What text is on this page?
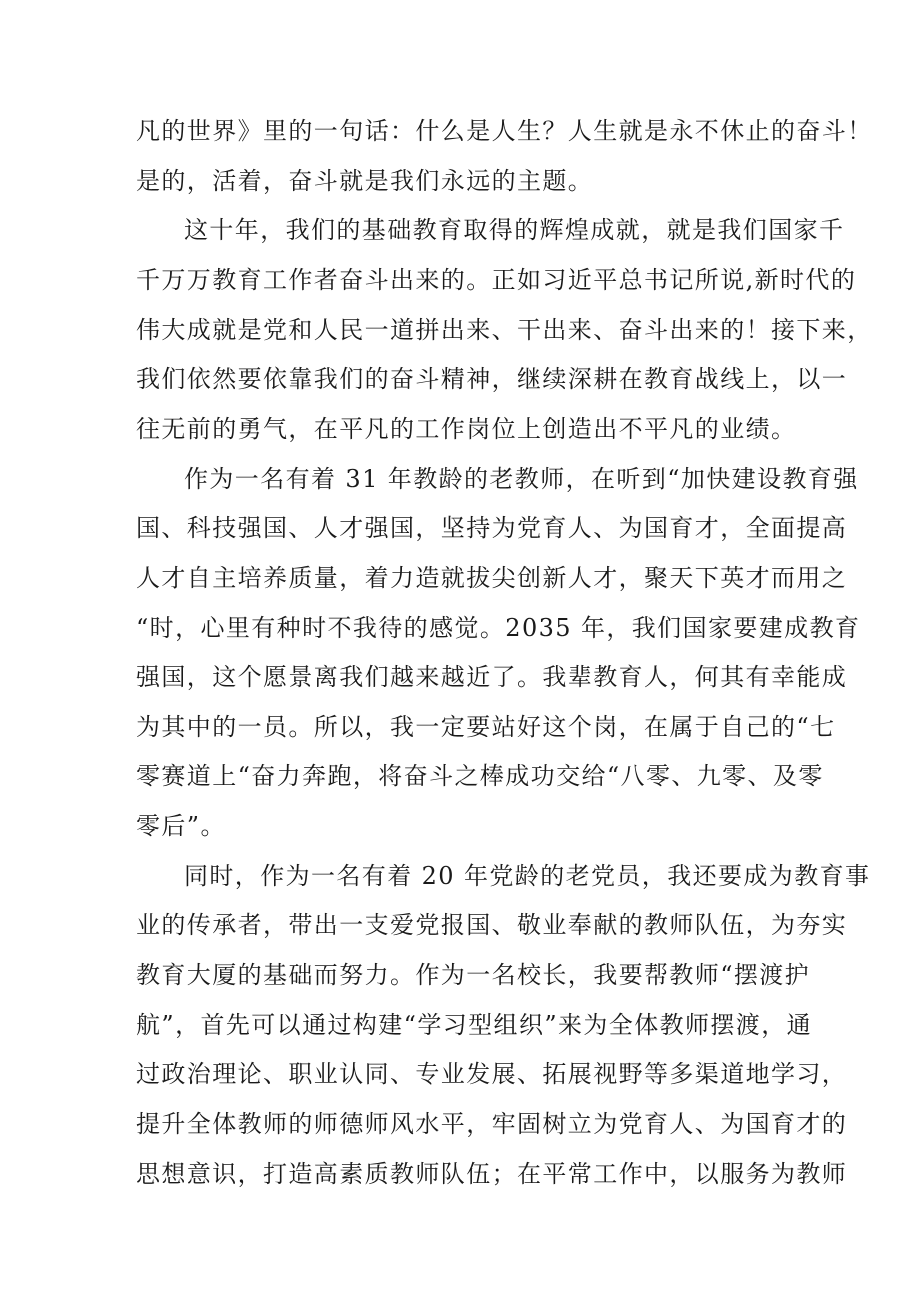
凡的世界》里的一句话：什么是人生？人生就是永不休止的奋斗！
是的，活着，奋斗就是我们永远的主题。
这十年，我们的基础教育取得的辉煌成就，就是我们国家千
千万万教育工作者奋斗出来的。正如习近平总书记所说,新时代的
伟大成就是党和人民一道拼出来、干出来、奋斗出来的！接下来，
我们依然要依靠我们的奋斗精神，继续深耕在教育战线上，以一
往无前的勇气，在平凡的工作岗位上创造出不平凡的业绩。
作为一名有着 31 年教龄的老教师，在听到“加快建设教育强
国、科技强国、人才强国，坚持为党育人、为国育才，全面提高
人才自主培养质量，着力造就拔尖创新人才，聚天下英才而用之
“时，心里有种时不我待的感觉。2035 年，我们国家要建成教育
强国，这个愿景离我们越来越近了。我辈教育人，何其有幸能成
为其中的一员。所以，我一定要站好这个岗，在属于自己的“七
零赛道上“奋力奔跑，将奋斗之棒成功交给“八零、九零、及零
零后”。
同时，作为一名有着 20 年党龄的老党员，我还要成为教育事
业的传承者，带出一支爱党报国、敬业奉献的教师队伍，为夯实
教育大厦的基础而努力。作为一名校长，我要帮教师“摆渡护
航”，首先可以通过构建“学习型组织”来为全体教师摆渡，通
过政治理论、职业认同、专业发展、拓展视野等多渠道地学习，
提升全体教师的师德师风水平，牢固树立为党育人、为国育才的
思想意识，打造高素质教师队伍；在平常工作中，以服务为教师
